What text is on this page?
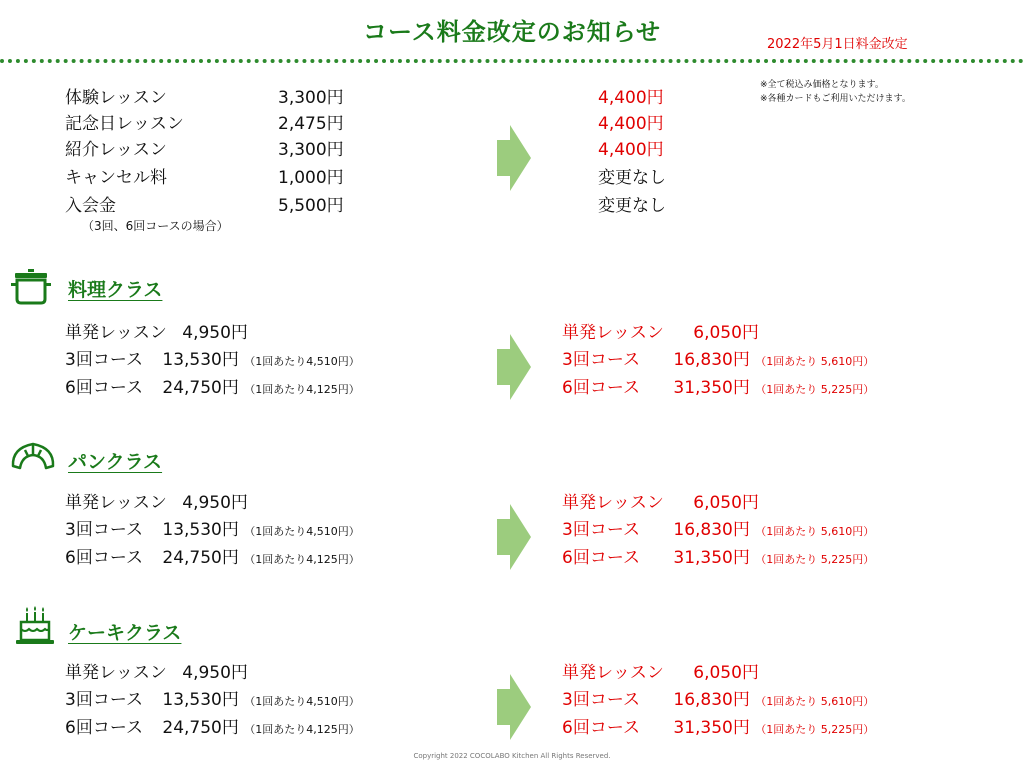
コース料金改定のお知らせ	2022年5月1日料金改定
※全て税込み価格となります。
※各種カードもご利用いただけます。
体験レッスン	3,300円	4,400円
記念日レッスン	2,475円	4,400円
紹介レッスン	3,300円	4,400円
キャンセル料	1,000円	変更なし
入会金	5,500円	変更なし
（3回、6回コースの場合）
料理クラス
単発レッスン 4,950円
3回コース 13,530円 （1回あたり4,510円）
6回コース 24,750円 （1回あたり4,125円）
単発レッスン 6,050円
3回コース 16,830円 （1回あたり 5,610円）
6回コース 31,350円 （1回あたり 5,225円）
パンクラス
単発レッスン 4,950円
3回コース 13,530円 （1回あたり4,510円）
6回コース 24,750円 （1回あたり4,125円）
単発レッスン 6,050円
3回コース 16,830円 （1回あたり 5,610円）
6回コース 31,350円 （1回あたり 5,225円）
ケーキクラス
単発レッスン 4,950円
3回コース 13,530円 （1回あたり4,510円）
6回コース 24,750円 （1回あたり4,125円）
単発レッスン 6,050円
3回コース 16,830円 （1回あたり 5,610円）
6回コース 31,350円 （1回あたり 5,225円）
Copyright 2022 COCOLABO Kitchen All Rights Reserved.
